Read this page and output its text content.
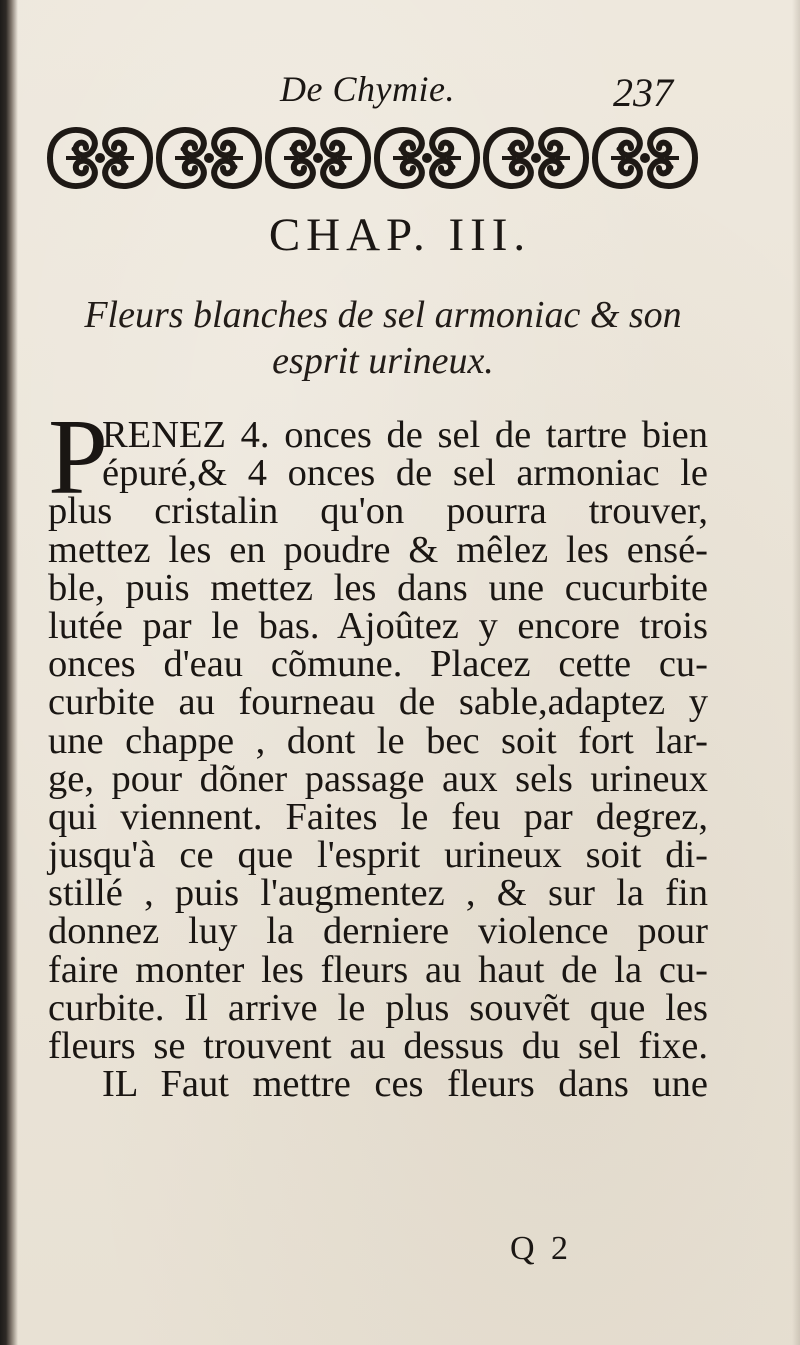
De Chymie.	237
CHAP. III.

Fleurs blanches de sel armoniac & son esprit urineux.

P
RENEZ 4. onces de sel de tartre bien
épuré,& 4 onces de sel armoniac le
plus cristalin qu'on pourra trouver,
mettez les en poudre & mêlez les ensé-
ble, puis mettez les dans une cucurbite
lutée par le bas. Ajoûtez y encore trois
onces d'eau cõmune. Placez cette cu-
curbite au fourneau de sable,adaptez y
une chappe , dont le bec soit fort lar-
ge, pour dõner passage aux sels urineux
qui viennent. Faites le feu par degrez,
jusqu'à ce que l'esprit urineux soit di-
stillé , puis l'augmentez , & sur la fin
donnez luy la derniere violence pour
faire monter les fleurs au haut de la cu-
curbite. Il arrive le plus souvẽt que les
fleurs se trouvent au dessus du sel fixe.
IL Faut mettre ces fleurs dans une
Q 2
